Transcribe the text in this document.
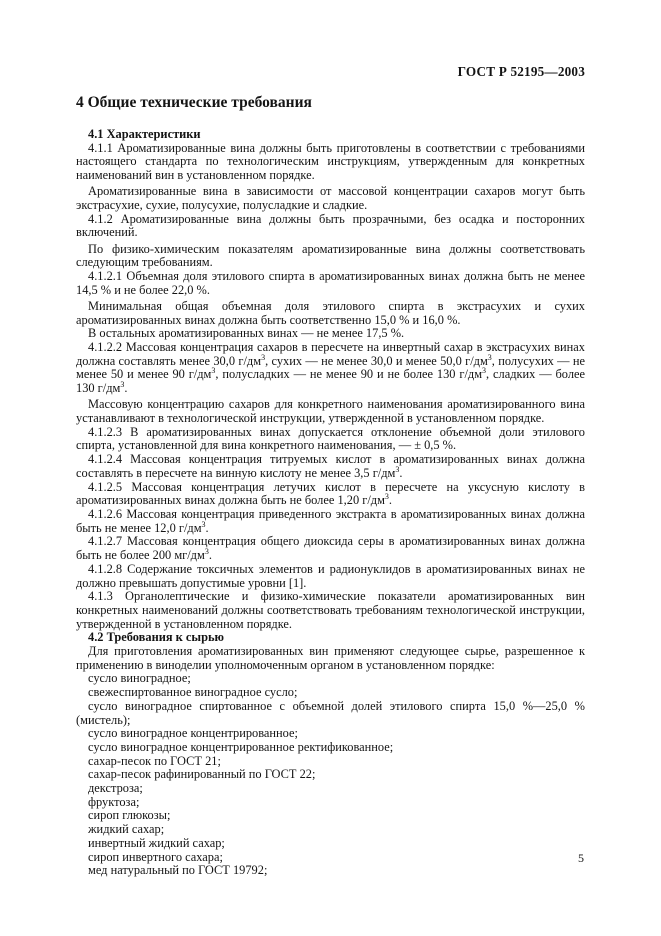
ГОСТ Р 52195—2003
4 Общие технические требования

4.1 Характеристики

4.1.1 Ароматизированные вина должны быть приготовлены в соответствии с требованиями настоящего стандарта по технологическим инструкциям, утвержденным для конкретных наименований вин в установленном порядке.

Ароматизированные вина в зависимости от массовой концентрации сахаров могут быть экстрасухие, сухие, полусухие, полусладкие и сладкие.

4.1.2 Ароматизированные вина должны быть прозрачными, без осадка и посторонних включений.

По физико-химическим показателям ароматизированные вина должны соответствовать следующим требованиям.

4.1.2.1 Объемная доля этилового спирта в ароматизированных винах должна быть не менее 14,5 % и не более 22,0 %.

Минимальная общая объемная доля этилового спирта в экстрасухих и сухих ароматизированных винах должна быть соответственно 15,0 % и 16,0 %.

В остальных ароматизированных винах — не менее 17,5 %.

4.1.2.2 Массовая концентрация сахаров в пересчете на инвертный сахар в экстрасухих винах должна составлять менее 30,0 $г/дм^3$, сухих — не менее 30,0 и менее 50,0 $г/дм^3$, полусухих — не менее 50 и менее 90 $г/дм^3$, полусладких — не менее 90 и не более 130 $г/дм^3$, сладких — более 130 $г/дм^3$.

Массовую концентрацию сахаров для конкретного наименования ароматизированного вина устанавливают в технологической инструкции, утвержденной в установленном порядке.

4.1.2.3 В ароматизированных винах допускается отклонение объемной доли этилового спирта, установленной для вина конкретного наименования, — ± 0,5 %.

4.1.2.4 Массовая концентрация титруемых кислот в ароматизированных винах должна составлять в пересчете на винную кислоту не менее 3,5 $г/дм^3$.

4.1.2.5 Массовая концентрация летучих кислот в пересчете на уксусную кислоту в ароматизированных винах должна быть не более 1,20 $г/дм^3$.

4.1.2.6 Массовая концентрация приведенного экстракта в ароматизированных винах должна быть не менее 12,0 $г/дм^3$.

4.1.2.7 Массовая концентрация общего диоксида серы в ароматизированных винах должна быть не более 200 $мг/дм^3$.

4.1.2.8 Содержание токсичных элементов и радионуклидов в ароматизированных винах не должно превышать допустимые уровни [1].

4.1.3 Органолептические и физико-химические показатели ароматизированных вин конкретных наименований должны соответствовать требованиям технологической инструкции, утвержденной в установленном порядке.

4.2 Требования к сырью

Для приготовления ароматизированных вин применяют следующее сырье, разрешенное к применению в виноделии уполномоченным органом в установленном порядке:

сусло виноградное;

свежеспиртованное виноградное сусло;

сусло виноградное спиртованное с объемной долей этилового спирта 15,0 %—25,0 % (мистель);

сусло виноградное концентрированное;

сусло виноградное концентрированное ректификованное;

сахар-песок по ГОСТ 21;

сахар-песок рафинированный по ГОСТ 22;

декстроза;

фруктоза;

сироп глюкозы;

жидкий сахар;

инвертный жидкий сахар;

сироп инвертного сахара;

мед натуральный по ГОСТ 19792;

5
